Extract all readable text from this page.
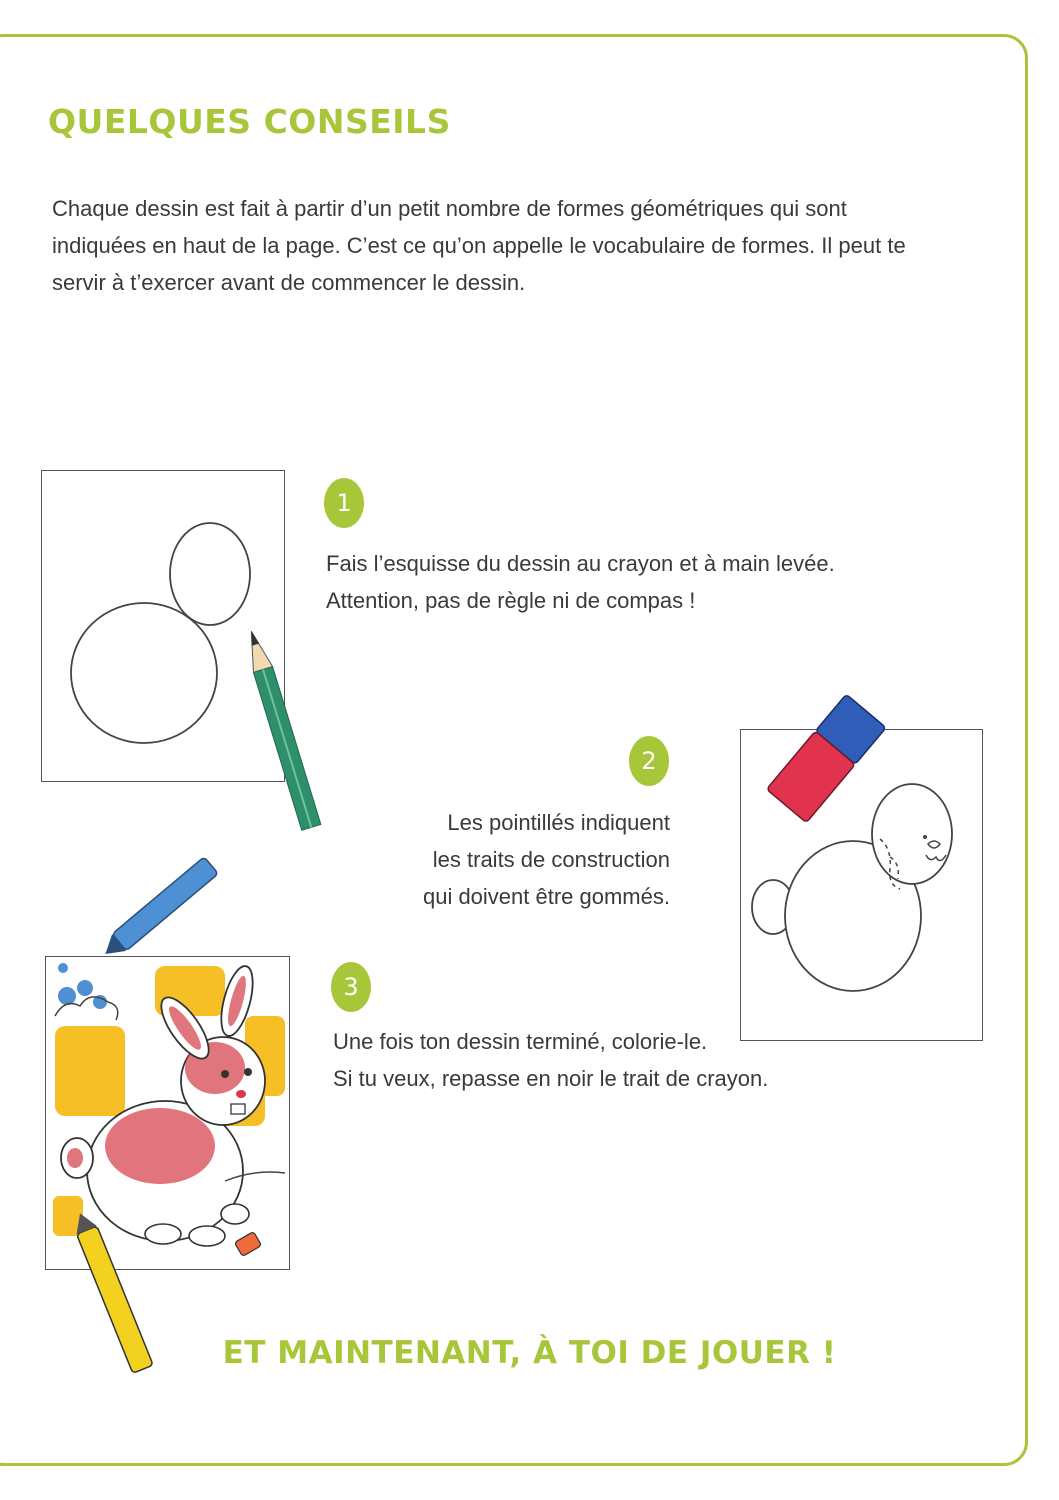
QUELQUES CONSEILS

Chaque dessin est fait à partir d’un petit nombre de formes géométriques qui sont indiquées en haut de la page. C’est ce qu’on appelle le vocabulaire de formes. Il peut te servir à t’exercer avant de commencer le dessin.

1

Fais l’esquisse du dessin au crayon et à main levée.
Attention, pas de règle ni de compas !

2

Les pointillés indiquent
les traits de construction
qui doivent être gommés.

3

Une fois ton dessin terminé, colorie-le.
Si tu veux, repasse en noir le trait de crayon.

ET MAINTENANT, À TOI DE JOUER !
